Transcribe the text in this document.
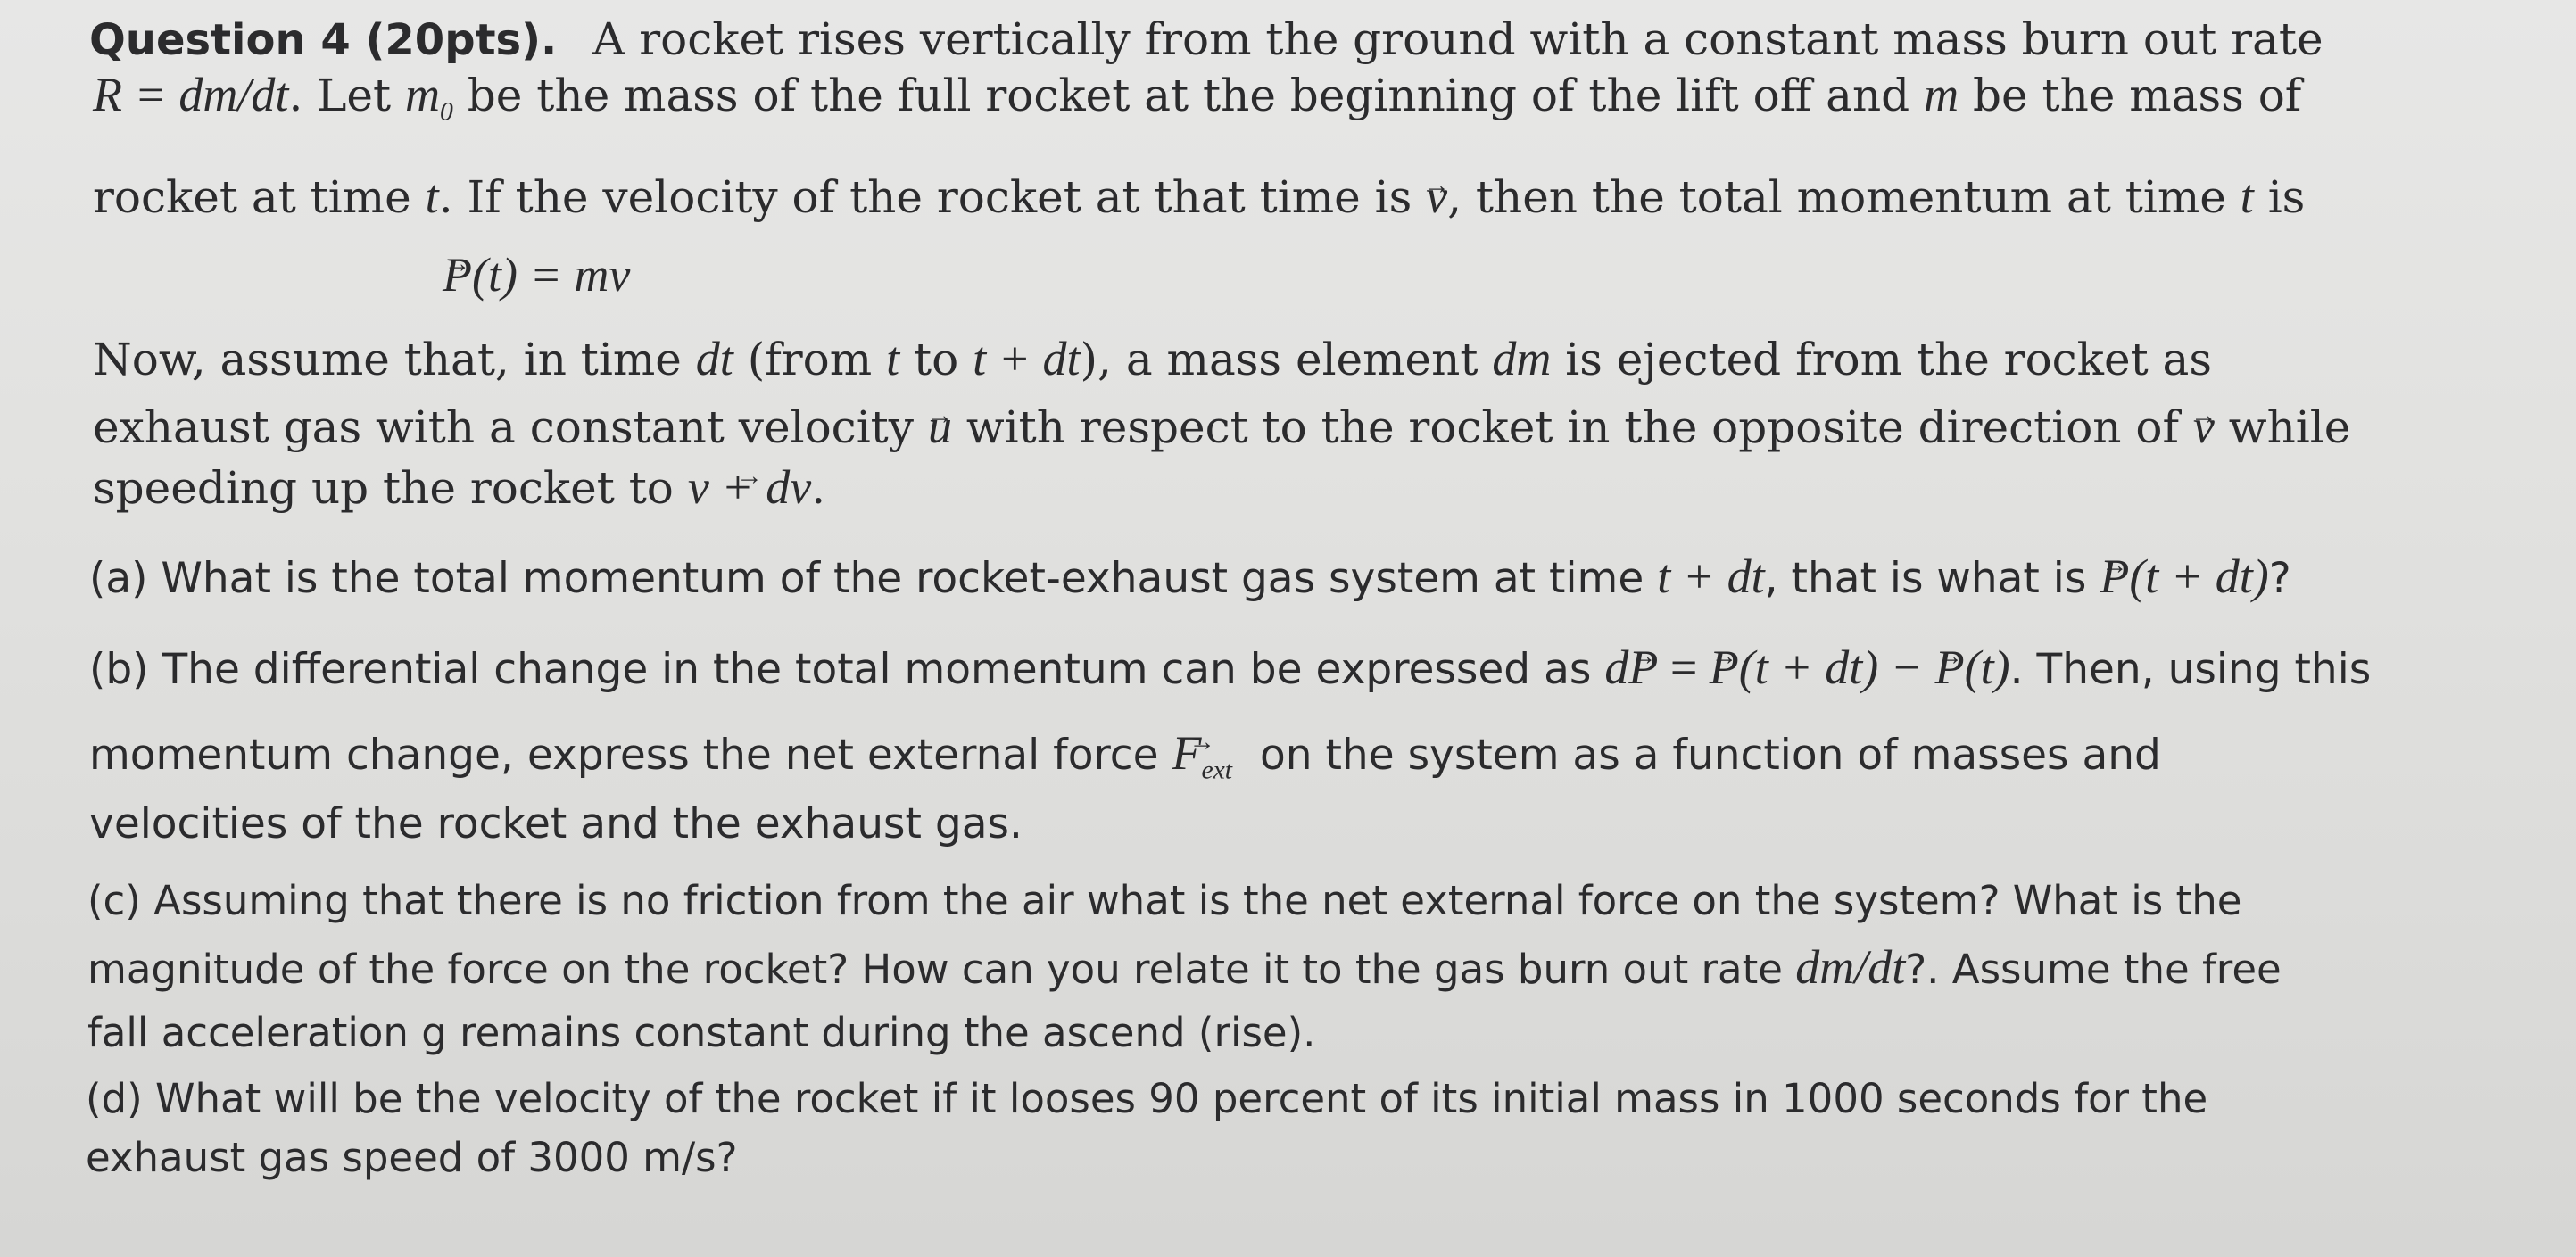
Question 4 (20pts). A rocket rises vertically from the ground with a constant mass burn out rate
R = dm/dt. Let $m_0$ be the mass of the full rocket at the beginning of the lift off and m be the mass of
rocket at time t. If the velocity of the rocket at that time is → v, then the total momentum at time t is
→ P(t) = mv
Now, assume that, in time dt (from t to t + dt), a mass element dm is ejected from the rocket as
exhaust gas with a constant velocity → u with respect to the rocket in the opposite direction of → v while
speeding up the rocket to → v + dv.
(a) What is the total momentum of the rocket-exhaust gas system at time t + dt, that is what is → P(t + dt)?
(b) The differential change in the total momentum can be expressed as d→ P = → P(t + dt) − → P(t). Then, using this
momentum change, express the net external force → $F_{ext}$ on the system as a function of masses and
velocities of the rocket and the exhaust gas.
(c) Assuming that there is no friction from the air what is the net external force on the system? What is the
magnitude of the force on the rocket? How can you relate it to the gas burn out rate dm/dt?. Assume the free
fall acceleration g remains constant during the ascend (rise).
(d) What will be the velocity of the rocket if it looses 90 percent of its initial mass in 1000 seconds for the
exhaust gas speed of 3000 m/s?
